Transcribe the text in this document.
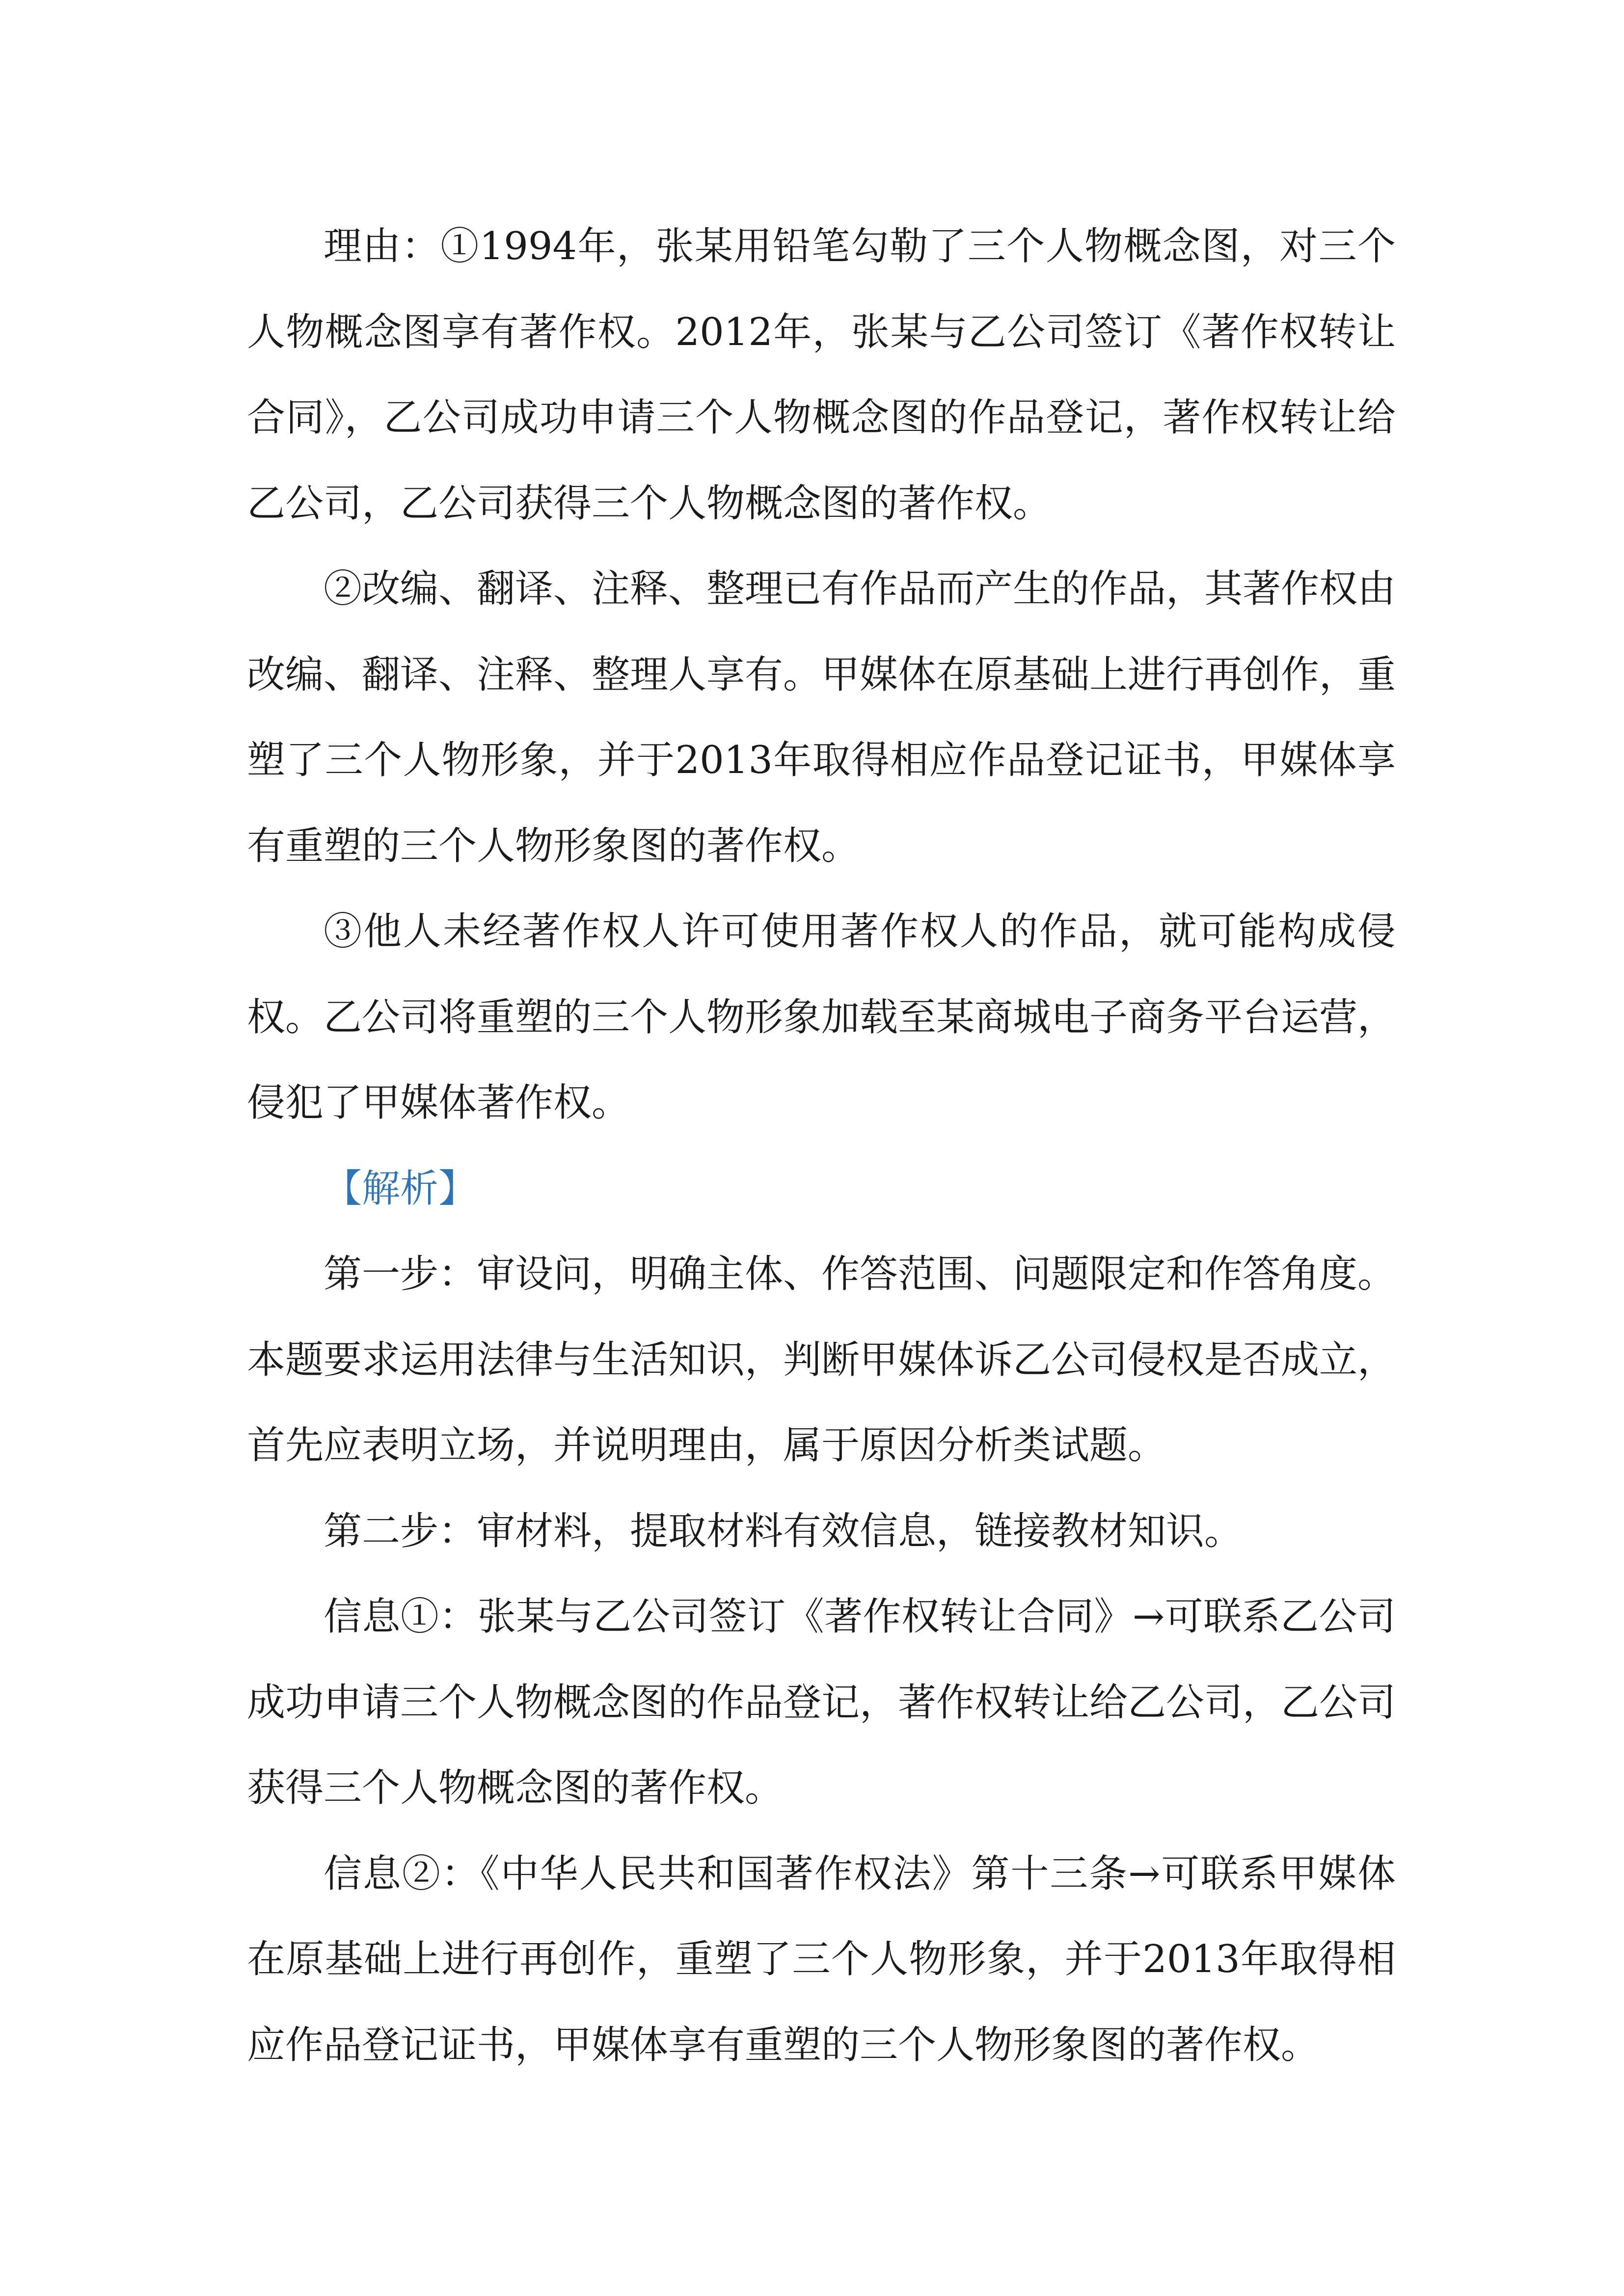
理由：①1994年，张某用铅笔勾勒了三个人物概念图，对三个人物概念图享有著作权。2012年，张某与乙公司签订《著作权转让合同》，乙公司成功申请三个人物概念图的作品登记，著作权转让给乙公司，乙公司获得三个人物概念图的著作权。

②改编、翻译、注释、整理已有作品而产生的作品，其著作权由改编、翻译、注释、整理人享有。甲媒体在原基础上进行再创作，重塑了三个人物形象，并于2013年取得相应作品登记证书，甲媒体享有重塑的三个人物形象图的著作权。

③他人未经著作权人许可使用著作权人的作品，就可能构成侵权。乙公司将重塑的三个人物形象加载至某商城电子商务平台运营，侵犯了甲媒体著作权。

【解析】

第一步：审设问，明确主体、作答范围、问题限定和作答角度。本题要求运用法律与生活知识，判断甲媒体诉乙公司侵权是否成立，首先应表明立场，并说明理由，属于原因分析类试题。

第二步：审材料，提取材料有效信息，链接教材知识。

信息①：张某与乙公司签订《著作权转让合同》→可联系乙公司成功申请三个人物概念图的作品登记，著作权转让给乙公司，乙公司获得三个人物概念图的著作权。

信息②：《中华人民共和国著作权法》第十三条→可联系甲媒体在原基础上进行再创作，重塑了三个人物形象，并于2013年取得相应作品登记证书，甲媒体享有重塑的三个人物形象图的著作权。
